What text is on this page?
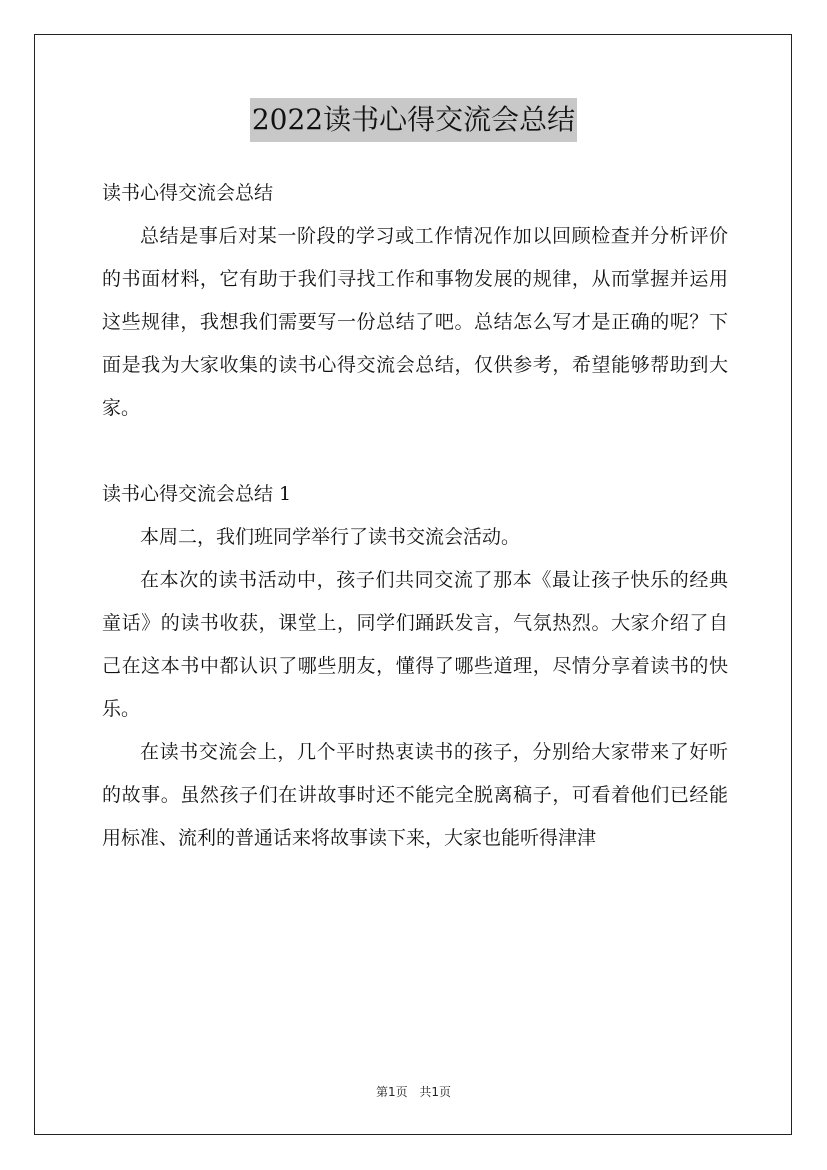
2022读书心得交流会总结
读书心得交流会总结

总结是事后对某一阶段的学习或工作情况作加以回顾检查并分析评价的书面材料，它有助于我们寻找工作和事物发展的规律，从而掌握并运用这些规律，我想我们需要写一份总结了吧。总结怎么写才是正确的呢？下面是我为大家收集的读书心得交流会总结，仅供参考，希望能够帮助到大家。

读书心得交流会总结 1

本周二，我们班同学举行了读书交流会活动。

在本次的读书活动中，孩子们共同交流了那本《最让孩子快乐的经典童话》的读书收获，课堂上，同学们踊跃发言，气氛热烈。大家介绍了自己在这本书中都认识了哪些朋友，懂得了哪些道理，尽情分享着读书的快乐。

在读书交流会上，几个平时热衷读书的孩子，分别给大家带来了好听的故事。虽然孩子们在讲故事时还不能完全脱离稿子，可看着他们已经能用标准、流利的普通话来将故事读下来，大家也能听得津津

第1页 共1页
